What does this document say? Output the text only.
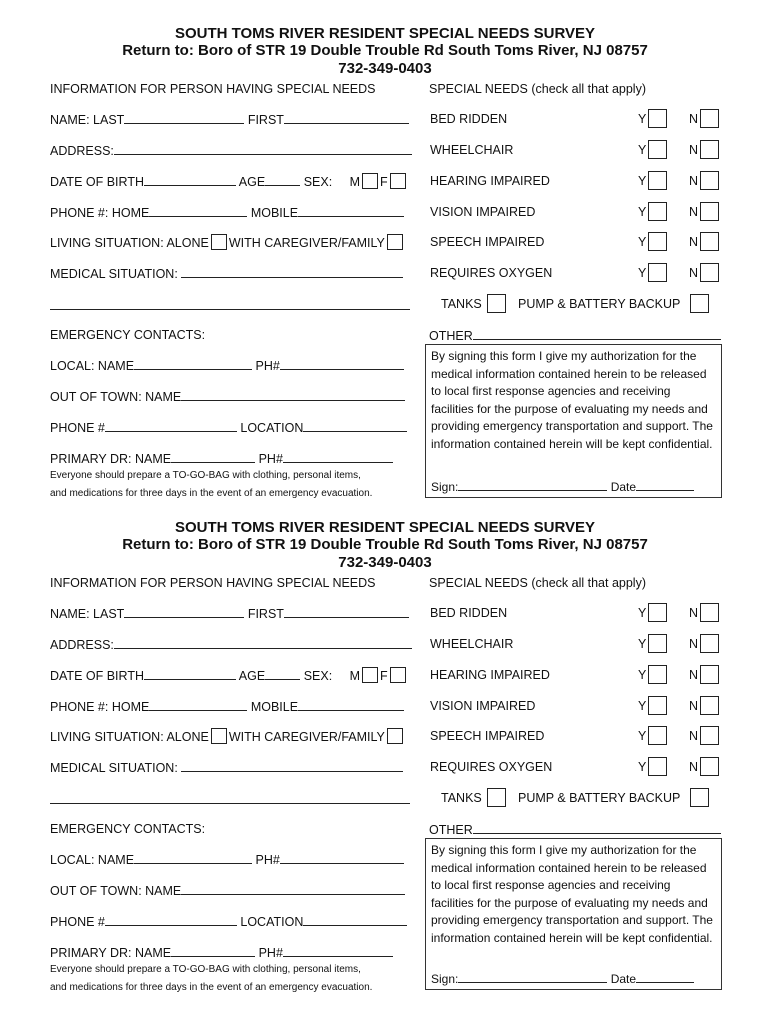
SOUTH TOMS RIVER RESIDENT SPECIAL NEEDS SURVEY
Return to: Boro of STR 19 Double Trouble Rd South Toms River, NJ 08757
732-349-0403
INFORMATION FOR PERSON HAVING SPECIAL NEEDS	SPECIAL NEEDS (check all that apply)
NAME: LAST	FIRST
ADDRESS:
DATE OF BIRTH	AGE	SEX: M F
PHONE #: HOME	MOBILE
LIVING SITUATION: ALONE WITH CAREGIVER/FAMILY
MEDICAL SITUATION:
EMERGENCY CONTACTS:
LOCAL: NAME	PH#
OUT OF TOWN: NAME
PHONE #	LOCATION
PRIMARY DR: NAME	PH#
Everyone should prepare a TO-GO-BAG with clothing, personal items,
and medications for three days in the event of an emergency evacuation.
BED RIDDEN	Y	N
WHEELCHAIR	Y	N
HEARING IMPAIRED	Y	N
VISION IMPAIRED	Y	N
SPEECH IMPAIRED	Y	N
REQUIRES OXYGEN	Y	N
TANKS	PUMP & BATTERY BACKUP
OTHER
By signing this form I give my authorization for the medical information contained herein to be released to local first response agencies and receiving facilities for the purpose of evaluating my needs and providing emergency transportation and support. The information contained herein will be kept confidential.
Sign:	Date
SOUTH TOMS RIVER RESIDENT SPECIAL NEEDS SURVEY
Return to: Boro of STR 19 Double Trouble Rd South Toms River, NJ 08757
732-349-0403
INFORMATION FOR PERSON HAVING SPECIAL NEEDS	SPECIAL NEEDS (check all that apply)
NAME: LAST	FIRST
ADDRESS:
DATE OF BIRTH	AGE	SEX: M F
PHONE #: HOME	MOBILE
LIVING SITUATION: ALONE WITH CAREGIVER/FAMILY
MEDICAL SITUATION:
EMERGENCY CONTACTS:
LOCAL: NAME	PH#
OUT OF TOWN: NAME
PHONE #	LOCATION
PRIMARY DR: NAME	PH#
Everyone should prepare a TO-GO-BAG with clothing, personal items,
and medications for three days in the event of an emergency evacuation.
BED RIDDEN	Y	N
WHEELCHAIR	Y	N
HEARING IMPAIRED	Y	N
VISION IMPAIRED	Y	N
SPEECH IMPAIRED	Y	N
REQUIRES OXYGEN	Y	N
TANKS	PUMP & BATTERY BACKUP
OTHER
By signing this form I give my authorization for the medical information contained herein to be released to local first response agencies and receiving facilities for the purpose of evaluating my needs and providing emergency transportation and support. The information contained herein will be kept confidential.
Sign:	Date
